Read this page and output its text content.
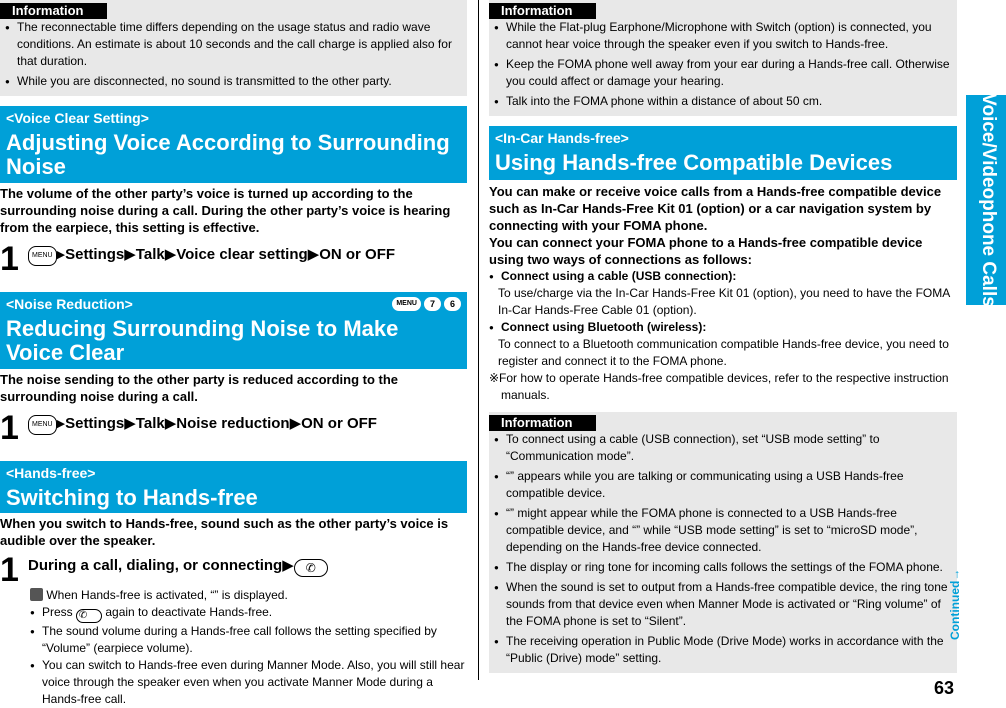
Information

● The reconnectable time differs depending on the usage status and radio wave conditions. An estimate is about 10 seconds and the call charge is applied also for that duration.

● While you are disconnected, no sound is transmitted to the other party.

<Voice Clear Setting>
Adjusting Voice According to Surrounding Noise
The volume of the other party’s voice is turned up according to the surrounding noise during a call. During the other party’s voice is hearing from the earpiece, this setting is effective.
1	MENU ▶Settings▶Talk▶Voice clear setting▶ON or OFF
<Noise Reduction>	MENU	7	6
Reducing Surrounding Noise to Make Voice Clear
The noise sending to the other party is reduced according to the surrounding noise during a call.
1	MENU ▶Settings▶Talk▶Noise reduction▶ON or OFF
<Hands-free>
Switching to Hands-free
When you switch to Hands-free, sound such as the other party’s voice is audible over the speaker.
1 During a call, dialing, or connecting▶ ✆

When Hands-free is activated, “” is displayed.

● Press ✆ again to deactivate Hands-free.

● The sound volume during a Hands-free call follows the setting specified by “Volume” (earpiece volume).

● You can switch to Hands-free even during Manner Mode. Also, you will still hear voice through the speaker even when you activate Manner Mode during a Hands-free call.

Information

● While the Flat-plug Earphone/Microphone with Switch (option) is connected, you cannot hear voice through the speaker even if you switch to Hands-free.

● Keep the FOMA phone well away from your ear during a Hands-free call. Otherwise you could affect or damage your hearing.

● Talk into the FOMA phone within a distance of about 50 cm.

<In-Car Hands-free>
Using Hands-free Compatible Devices
You can make or receive voice calls from a Hands-free compatible device such as In-Car Hands-Free Kit 01 (option) or a car navigation system by connecting with your FOMA phone.
You can connect your FOMA phone to a Hands-free compatible device using two ways of connections as follows:

● Connect using a cable (USB connection):

To use/charge via the In-Car Hands-Free Kit 01 (option), you need to have the FOMA In-Car Hands-Free Cable 01 (option).

● Connect using Bluetooth (wireless):

To connect to a Bluetooth communication compatible Hands-free device, you need to register and connect it to the FOMA phone.

※For how to operate Hands-free compatible devices, refer to the respective instruction manuals.

Information

● To connect using a cable (USB connection), set “USB mode setting” to “Communication mode”.

● “” appears while you are talking or communicating using a USB Hands-free compatible device.

● “” might appear while the FOMA phone is connected to a USB Hands-free compatible device, and “” while “USB mode setting” is set to “microSD mode”, depending on the Hands-free device connected.

● The display or ring tone for incoming calls follows the settings of the FOMA phone.

● When the sound is set to output from a Hands-free compatible device, the ring tone sounds from that device even when Manner Mode is activated or “Ring volume” of the FOMA phone is set to “Silent”.

● The receiving operation in Public Mode (Drive Mode) works in accordance with the “Public (Drive) mode” setting.

Voice/Videophone Calls
Continued→
63
